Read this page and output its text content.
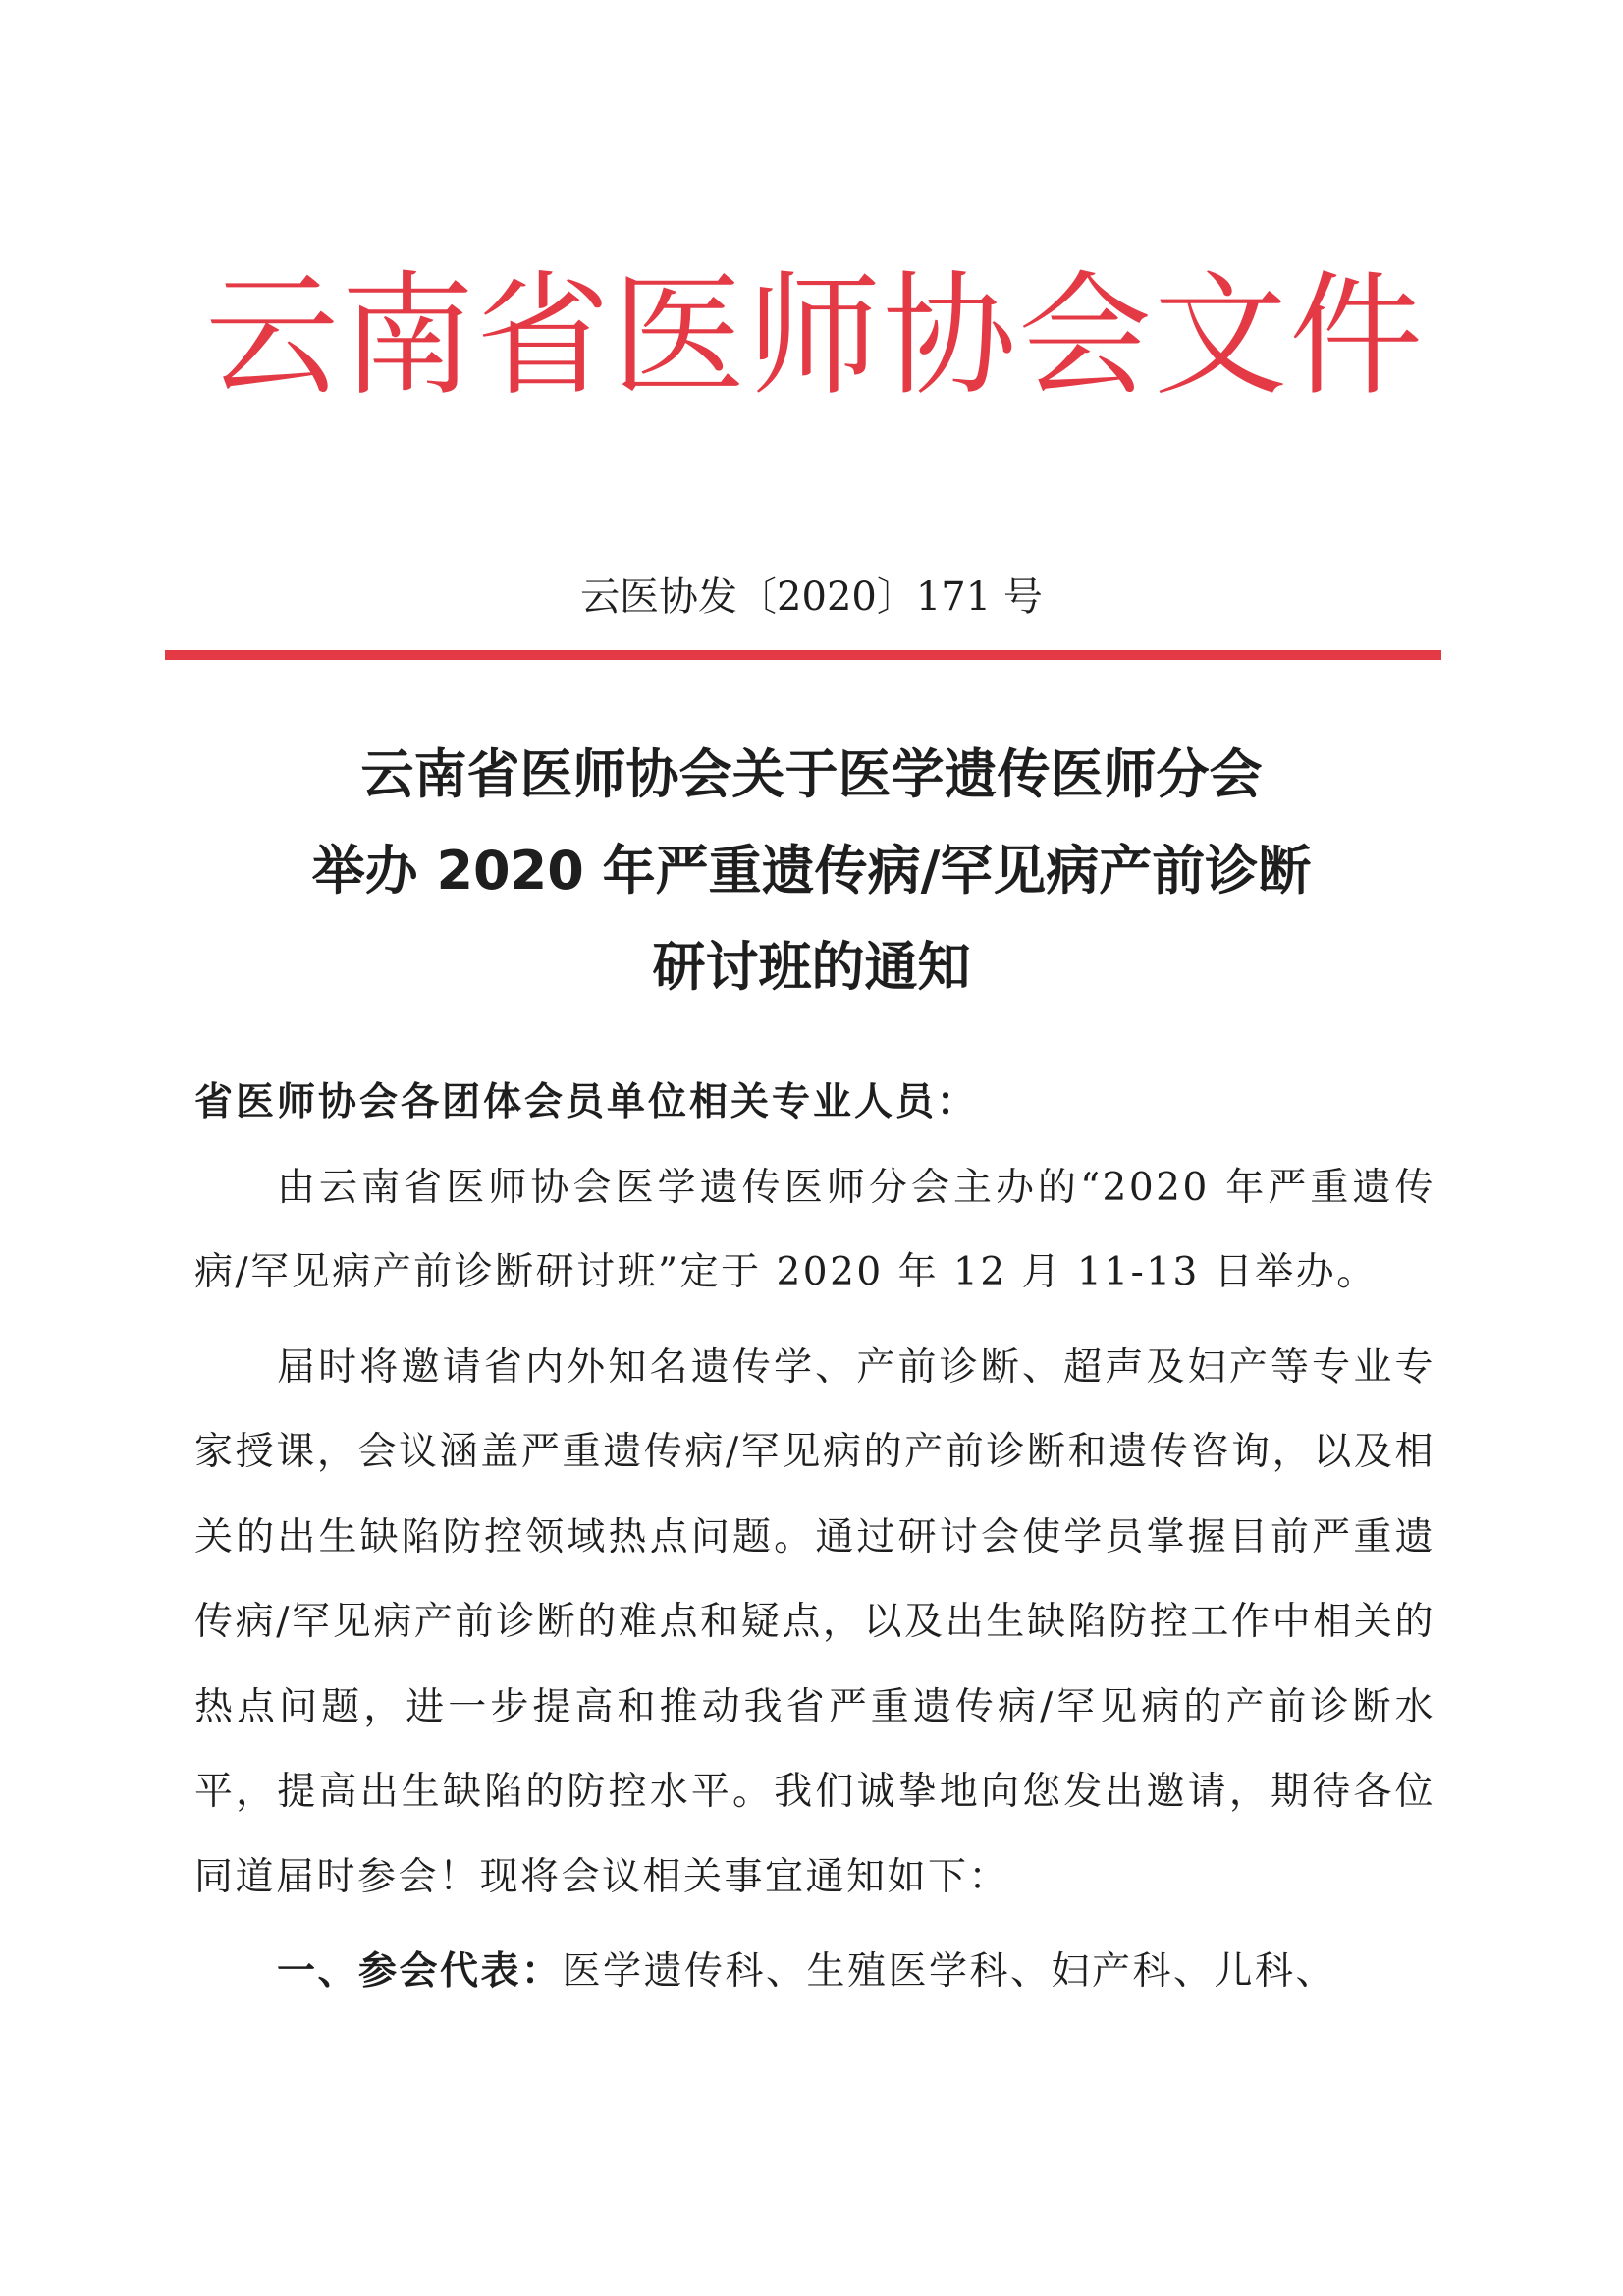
云南省医师协会文件
云医协发〔2020〕171 号
云南省医师协会关于医学遗传医师分会
举办 2020 年严重遗传病/罕见病产前诊断
研讨班的通知
省医师协会各团体会员单位相关专业人员：

由云南省医师协会医学遗传医师分会主办的“2020 年严重遗传病/罕见病产前诊断研讨班”定于 2020 年 12 月 11-13 日举办。

届时将邀请省内外知名遗传学、产前诊断、超声及妇产等专业专家授课，会议涵盖严重遗传病/罕见病的产前诊断和遗传咨询，以及相关的出生缺陷防控领域热点问题。通过研讨会使学员掌握目前严重遗传病/罕见病产前诊断的难点和疑点，以及出生缺陷防控工作中相关的热点问题，进一步提高和推动我省严重遗传病/罕见病的产前诊断水平，提高出生缺陷的防控水平。我们诚挚地向您发出邀请，期待各位同道届时参会！现将会议相关事宜通知如下：

一、参会代表：医学遗传科、生殖医学科、妇产科、儿科、
